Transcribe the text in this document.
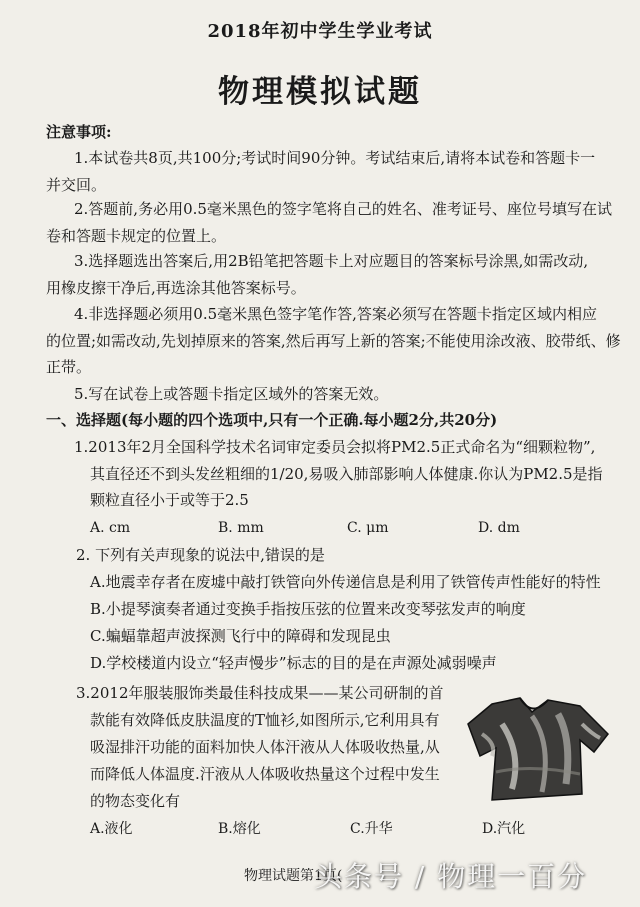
2018年初中学生学业考试
物理模拟试题
注意事项:
1.本试卷共8页,共100分;考试时间90分钟。考试结束后,请将本试卷和答题卡一
并交回。
2.答题前,务必用0.5毫米黑色的签字笔将自己的姓名、准考证号、座位号填写在试
卷和答题卡规定的位置上。
3.选择题选出答案后,用2B铅笔把答题卡上对应题目的答案标号涂黑,如需改动,
用橡皮擦干净后,再选涂其他答案标号。
4.非选择题必须用0.5毫米黑色签字笔作答,答案必须写在答题卡指定区域内相应
的位置;如需改动,先划掉原来的答案,然后再写上新的答案;不能使用涂改液、胶带纸、修
正带。
5.写在试卷上或答题卡指定区域外的答案无效。
一、选择题(每小题的四个选项中,只有一个正确.每小题2分,共20分)
1.2013年2月全国科学技术名词审定委员会拟将PM2.5正式命名为“细颗粒物”,
其直径还不到头发丝粗细的1/20,易吸入肺部影响人体健康.你认为PM2.5是指
颗粒直径小于或等于2.5
A. cm	B. mm	C. μm	D. dm
2. 下列有关声现象的说法中,错误的是
A.地震幸存者在废墟中敲打铁管向外传递信息是利用了铁管传声性能好的特性
B.小提琴演奏者通过变换手指按压弦的位置来改变琴弦发声的响度
C.蝙蝠靠超声波探测飞行中的障碍和发现昆虫
D.学校楼道内设立“轻声慢步”标志的目的是在声源处减弱噪声
3.2012年服装服饰类最佳科技成果——某公司研制的首
款能有效降低皮肤温度的T恤衫,如图所示,它利用具有
吸湿排汗功能的面料加快人体汗液从人体吸收热量,从
而降低人体温度.汗液从人体吸收热量这个过程中发生
的物态变化有
A.液化	B.熔化	C.升华	D.汽化
物理试题第1页(
头条号 / 物理一百分
